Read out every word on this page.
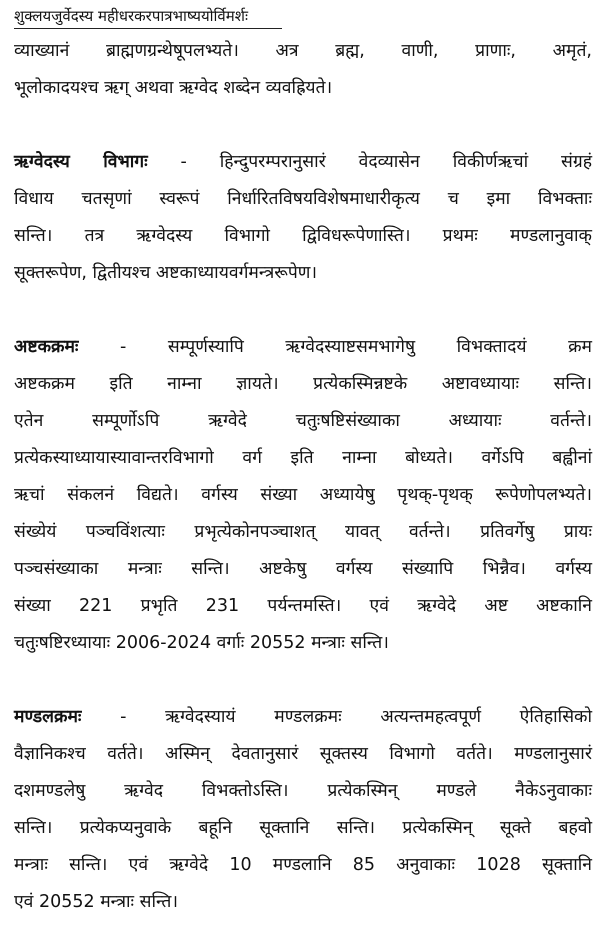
शुक्लयजुर्वेदस्य महीधरकरपात्रभाष्ययोर्विमर्शः
व्याख्यानं ब्राह्मणग्रन्थेषूपलभ्यते। अत्र ब्रह्म, वाणी, प्राणाः, अमृतं,
भूलोकादयश्च ऋग् अथवा ऋग्वेद शब्देन व्यवह्रियते।
ऋग्वेदस्य विभागः - हिन्दुपरम्परानुसारं वेदव्यासेन विकीर्णऋचां संग्रहं
विधाय चतसृणां स्वरूपं निर्धारितविषयविशेषमाधारीकृत्य च इमा विभक्ताः
सन्ति। तत्र ऋग्वेदस्य विभागो द्विविधरूपेणास्ति। प्रथमः मण्डलानुवाक्
सूक्तरूपेण, द्वितीयश्च अष्टकाध्यायवर्गमन्त्ररूपेण।
अष्टकक्रमः - सम्पूर्णस्यापि ऋग्वेदस्याष्टसमभागेषु विभक्तादयं क्रम
अष्टकक्रम इति नाम्ना ज्ञायते। प्रत्येकस्मिन्नष्टके अष्टावध्यायाः सन्ति।
एतेन सम्पूर्णोऽपि ऋग्वेदे चतुःषष्टिसंख्याका अध्यायाः वर्तन्ते।
प्रत्येकस्याध्यायास्यावान्तरविभागो वर्ग इति नाम्ना बोध्यते। वर्गेऽपि बह्वीनां
ऋचां संकलनं विद्यते। वर्गस्य संख्या अध्यायेषु पृथक्-पृथक् रूपेणोपलभ्यते।
संख्येयं पञ्चविंशत्याः प्रभृत्येकोनपञ्चाशत् यावत् वर्तन्ते। प्रतिवर्गेषु प्रायः
पञ्चसंख्याका मन्त्राः सन्ति। अष्टकेषु वर्गस्य संख्यापि भिन्नैव। वर्गस्य
संख्या 221 प्रभृति 231 पर्यन्तमस्ति। एवं ऋग्वेदे अष्ट अष्टकानि
चतुःषष्टिरध्यायाः 2006-2024 वर्गाः 20552 मन्त्राः सन्ति।
मण्डलक्रमः - ऋग्वेदस्यायं मण्डलक्रमः अत्यन्तमहत्वपूर्ण ऐतिहासिको
वैज्ञानिकश्च वर्तते। अस्मिन् देवतानुसारं सूक्तस्य विभागो वर्तते। मण्डलानुसारं
दशमण्डलेषु ऋग्वेद विभक्तोऽस्ति। प्रत्येकस्मिन् मण्डले नैकेऽनुवाकाः
सन्ति। प्रत्येकप्यनुवाके बहूनि सूक्तानि सन्ति। प्रत्येकस्मिन् सूक्ते बहवो
मन्त्राः सन्ति। एवं ऋग्वेदे 10 मण्डलानि 85 अनुवाकाः 1028 सूक्तानि
एवं 20552 मन्त्राः सन्ति।
